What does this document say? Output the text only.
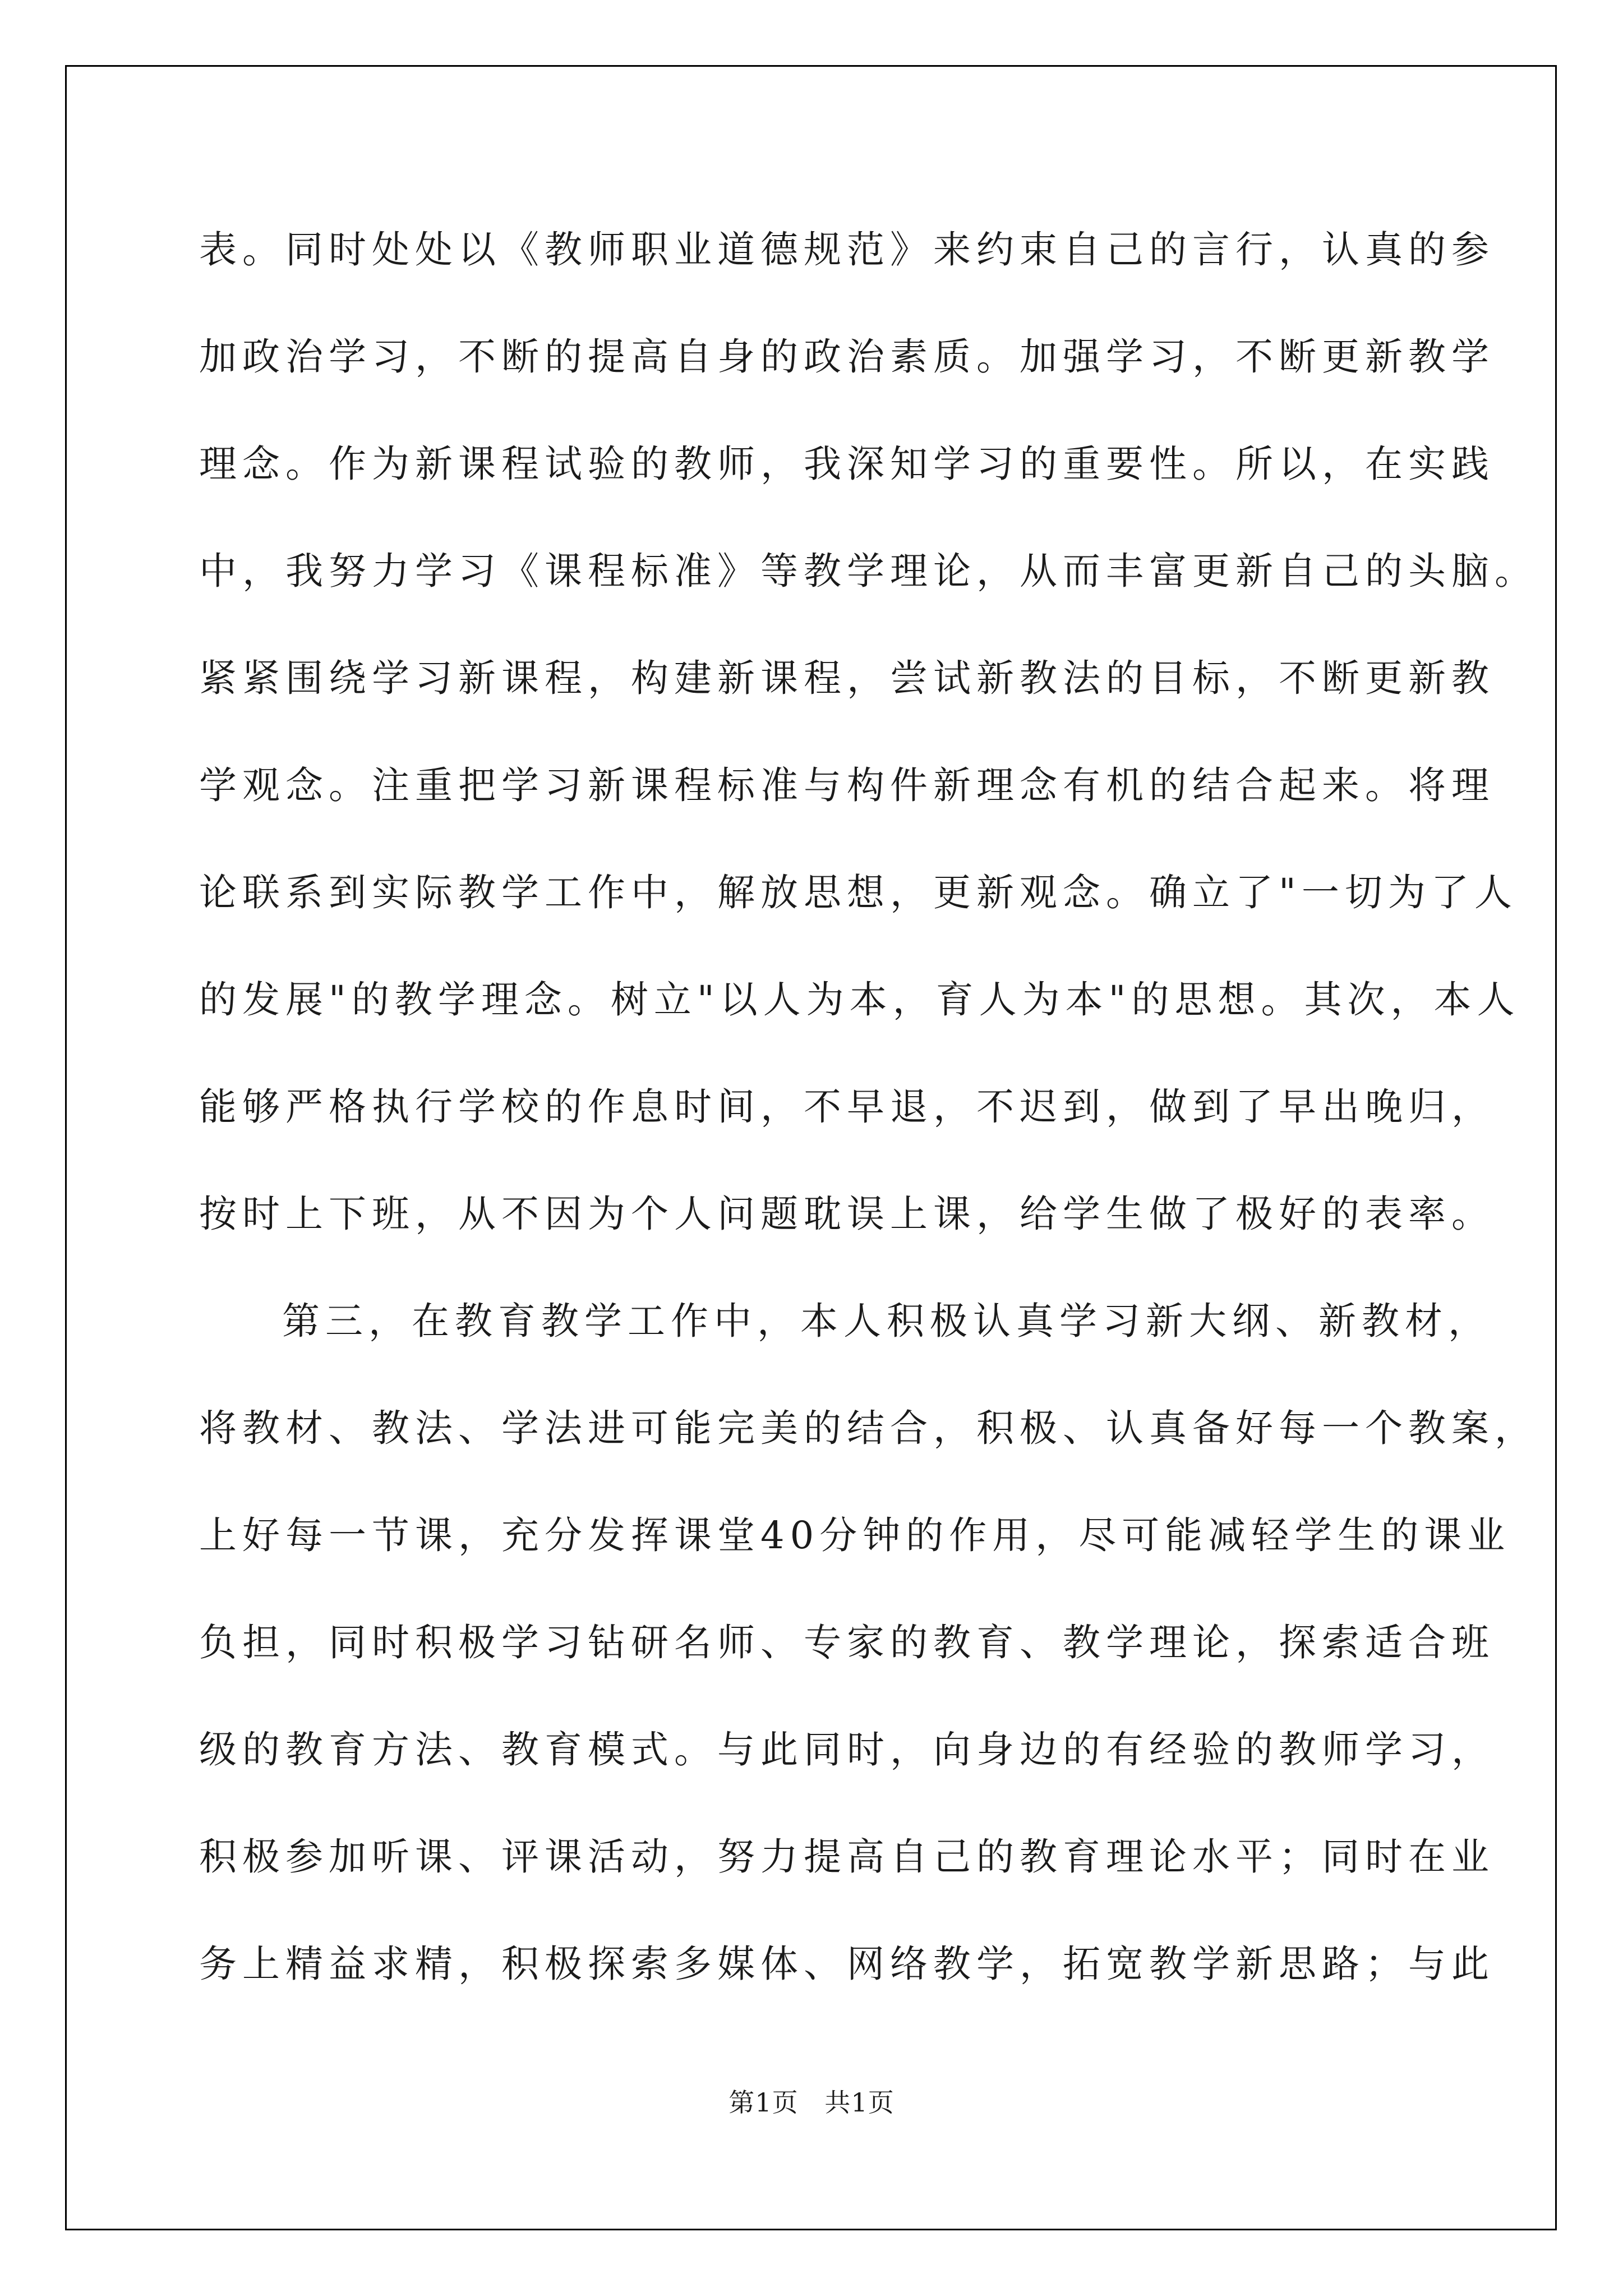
表。同时处处以《教师职业道德规范》来约束自己的言行，认真的参
加政治学习，不断的提高自身的政治素质。加强学习，不断更新教学
理念。作为新课程试验的教师，我深知学习的重要性。所以，在实践
中，我努力学习《课程标准》等教学理论，从而丰富更新自己的头脑。
紧紧围绕学习新课程，构建新课程，尝试新教法的目标，不断更新教
学观念。注重把学习新课程标准与构件新理念有机的结合起来。将理
论联系到实际教学工作中，解放思想，更新观念。确立了"一切为了人
的发展"的教学理念。树立"以人为本，育人为本"的思想。其次，本人
能够严格执行学校的作息时间，不早退，不迟到，做到了早出晚归，
按时上下班，从不因为个人问题耽误上课，给学生做了极好的表率。
第三，在教育教学工作中，本人积极认真学习新大纲、新教材，
将教材、教法、学法进可能完美的结合，积极、认真备好每一个教案，
上好每一节课，充分发挥课堂40分钟的作用，尽可能减轻学生的课业
负担，同时积极学习钻研名师、专家的教育、教学理论，探索适合班
级的教育方法、教育模式。与此同时，向身边的有经验的教师学习，
积极参加听课、评课活动，努力提高自己的教育理论水平；同时在业
务上精益求精，积极探索多媒体、网络教学，拓宽教学新思路；与此
第1页   共1页
